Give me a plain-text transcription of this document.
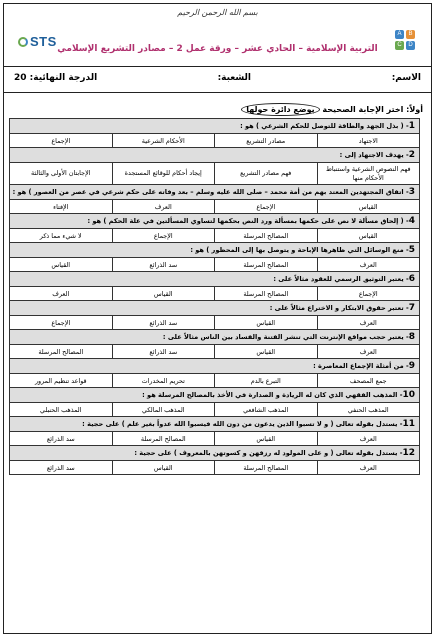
بسم الله الرحمن الرحيم
STS	A	B
C	D
التربية الإسلامية – الحادي عشر – ورقة عمل 2 – مصادر التشريع الإسلامي
الاسم:
الشعبة:
الدرجة النهائية: 20
أولاً: اختر الإجابة الصحيحة بوضع دائرة حولها
1- ( بذل الجهد والطاقة للتوصل للحكم الشرعي ) هو :			
الاجتهاد	مصادر التشريع	الأحكام الشرعية	الإجماع
2- يهدف الاجتهاد إلى :			
فهم النصوص الشرعية واستنباط الأحكام منها	فهم مصادر التشريع	إيجاد أحكام للوقائع المستجدة	الإجابتان الأولى والثالثة
3- اتفاق المجتهدين المعتد بهم من أمة محمد – صلى الله عليه وسلم – بعد وفاته على حكم شرعي في عصر من العصور ) هو :			
القياس	الإجماع	العرف	الإفتاء
4- ( إلحاق مسألة لا نص على حكمها بمسألة ورد النص بحكمها لتساوي المسألتين في علة الحكم ) هو :			
القياس	المصالح المرسلة	الإجماع	لا شيء مما ذكر
5- منع الوسائل التي ظاهرها الإباحة و يتوصل بها إلى المحظور ) هو :			
العرف	المصالح المرسلة	سد الذرائع	القياس
6- يعتبر التوثيق الرسمي للعقود مثالاً على :			
الإجماع	المصالح المرسلة	القياس	العرف
7- تعتبر حقوق الابتكار و الاختراع مثالاً على :			
العرف	القياس	سد الذرائع	الإجماع
8- يعتبر حجب مواقع الإنترنت التي تنشر الفتنة والفساد بين الناس مثالاً على :			
العرف	القياس	سد الذرائع	المصالح المرسلة
9- من أمثلة الإجماع المعاصرة :			
جمع المصحف	التبرع بالدم	تحريم المخدرات	قواعد تنظيم المرور
10- المذهب الفقهي الذي كان له الريادة و الصدارة في الأخذ بالمصالح المرسلة هو :			
المذهب الحنفي	المذهب الشافعي	المذهب المالكي	المذهب الحنبلي
11- يستدل بقوله تعالى ( و لا تسبوا الذين يدعون من دون الله فيسبوا الله عدواً بغير علم ) على حجية :			
العرف	القياس	المصالح المرسلة	سد الذرائع
12- يستدل بقوله تعالى ( و على المولود له رزقهن و كسوتهن بالمعروف ) على حجية :			
العرف	المصالح المرسلة	القياس	سد الذرائع
